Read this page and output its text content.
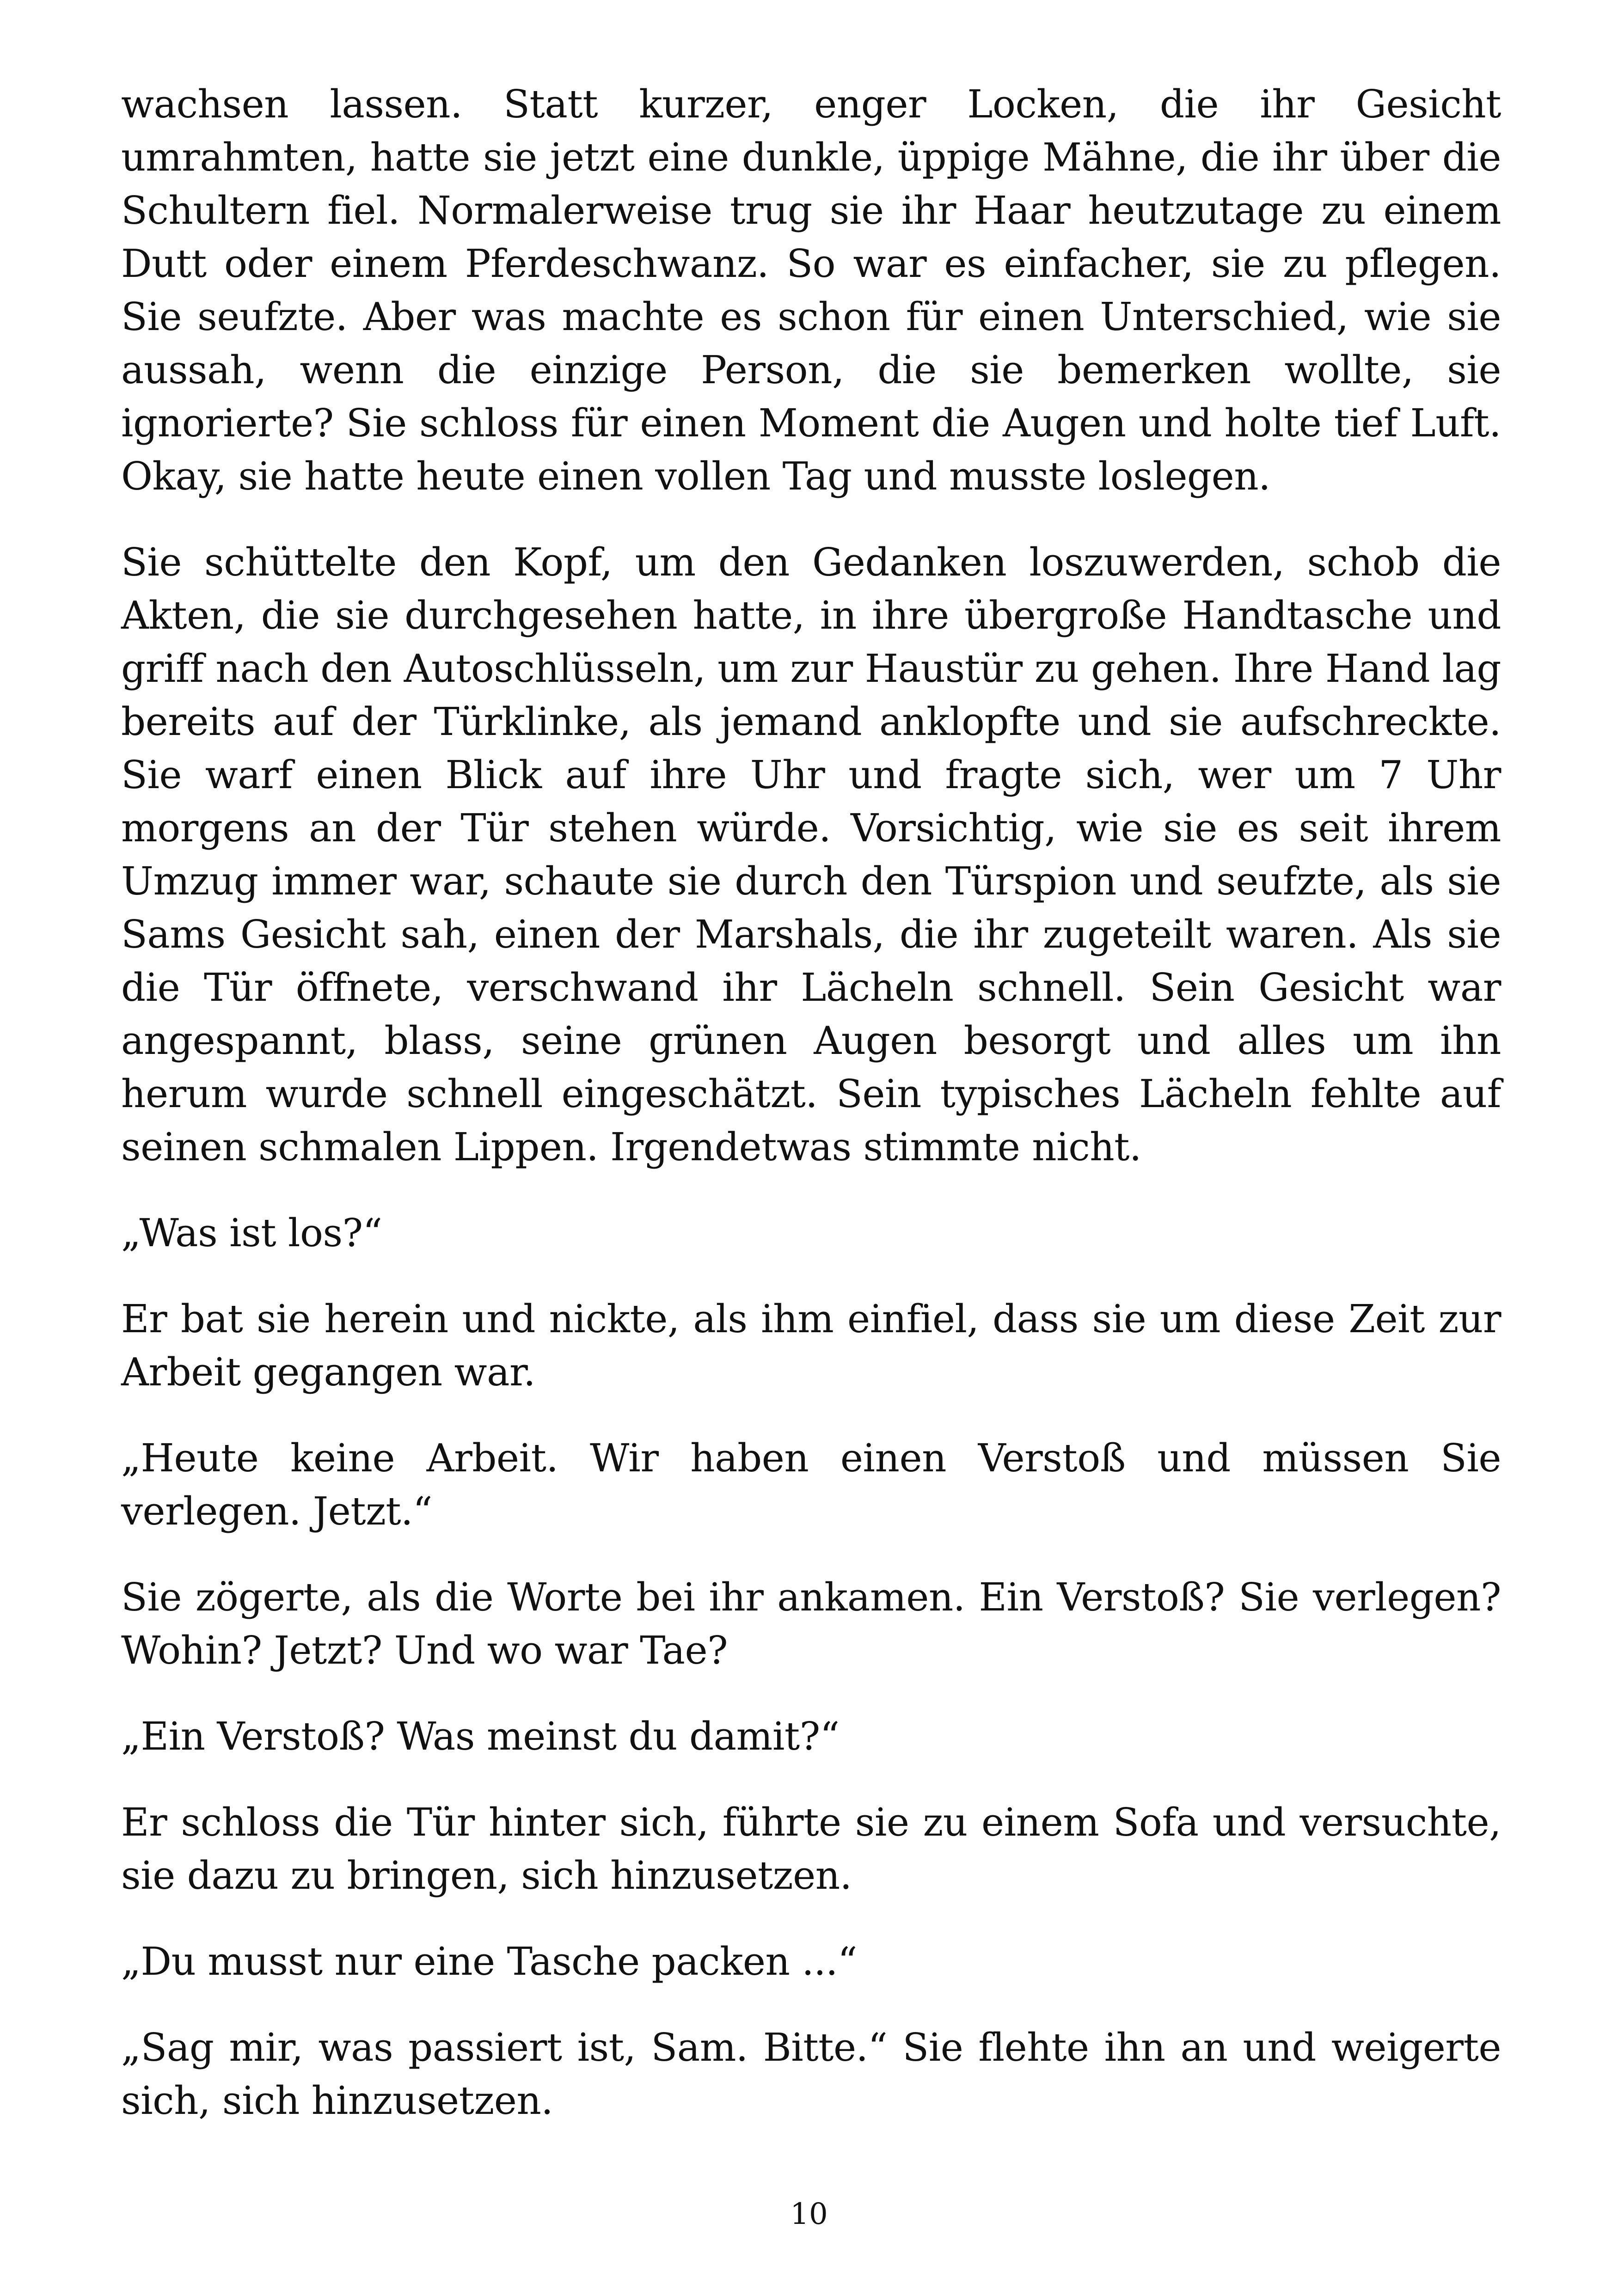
wachsen lassen. Statt kurzer, enger Locken, die ihr Gesicht umrahmten, hatte sie jetzt eine dunkle, üppige Mähne, die ihr über die Schultern fiel. Normalerweise trug sie ihr Haar heutzutage zu einem Dutt oder einem Pferdeschwanz. So war es einfacher, sie zu pflegen. Sie seufzte. Aber was machte es schon für einen Unterschied, wie sie aussah, wenn die einzige Person, die sie bemerken wollte, sie ignorierte? Sie schloss für einen Moment die Augen und holte tief Luft. Okay, sie hatte heute einen vollen Tag und musste loslegen.

Sie schüttelte den Kopf, um den Gedanken loszuwerden, schob die Akten, die sie durchgesehen hatte, in ihre übergroße Handtasche und griff nach den Autoschlüsseln, um zur Haustür zu gehen. Ihre Hand lag bereits auf der Türklinke, als jemand anklopfte und sie aufschreckte. Sie warf einen Blick auf ihre Uhr und fragte sich, wer um 7 Uhr morgens an der Tür stehen würde. Vorsichtig, wie sie es seit ihrem Umzug immer war, schaute sie durch den Türspion und seufzte, als sie Sams Gesicht sah, einen der Marshals, die ihr zugeteilt waren. Als sie die Tür öffnete, verschwand ihr Lächeln schnell. Sein Gesicht war angespannt, blass, seine grünen Augen besorgt und alles um ihn herum wurde schnell eingeschätzt. Sein typisches Lächeln fehlte auf seinen schmalen Lippen. Irgendetwas stimmte nicht.

„Was ist los?“

Er bat sie herein und nickte, als ihm einfiel, dass sie um diese Zeit zur Arbeit gegangen war.

„Heute keine Arbeit. Wir haben einen Verstoß und müssen Sie verlegen. Jetzt.“

Sie zögerte, als die Worte bei ihr ankamen. Ein Verstoß? Sie verlegen? Wohin? Jetzt? Und wo war Tae?

„Ein Verstoß? Was meinst du damit?“

Er schloss die Tür hinter sich, führte sie zu einem Sofa und versuchte, sie dazu zu bringen, sich hinzusetzen.

„Du musst nur eine Tasche packen ...“

„Sag mir, was passiert ist, Sam. Bitte.“ Sie flehte ihn an und weigerte sich, sich hinzusetzen.

10
